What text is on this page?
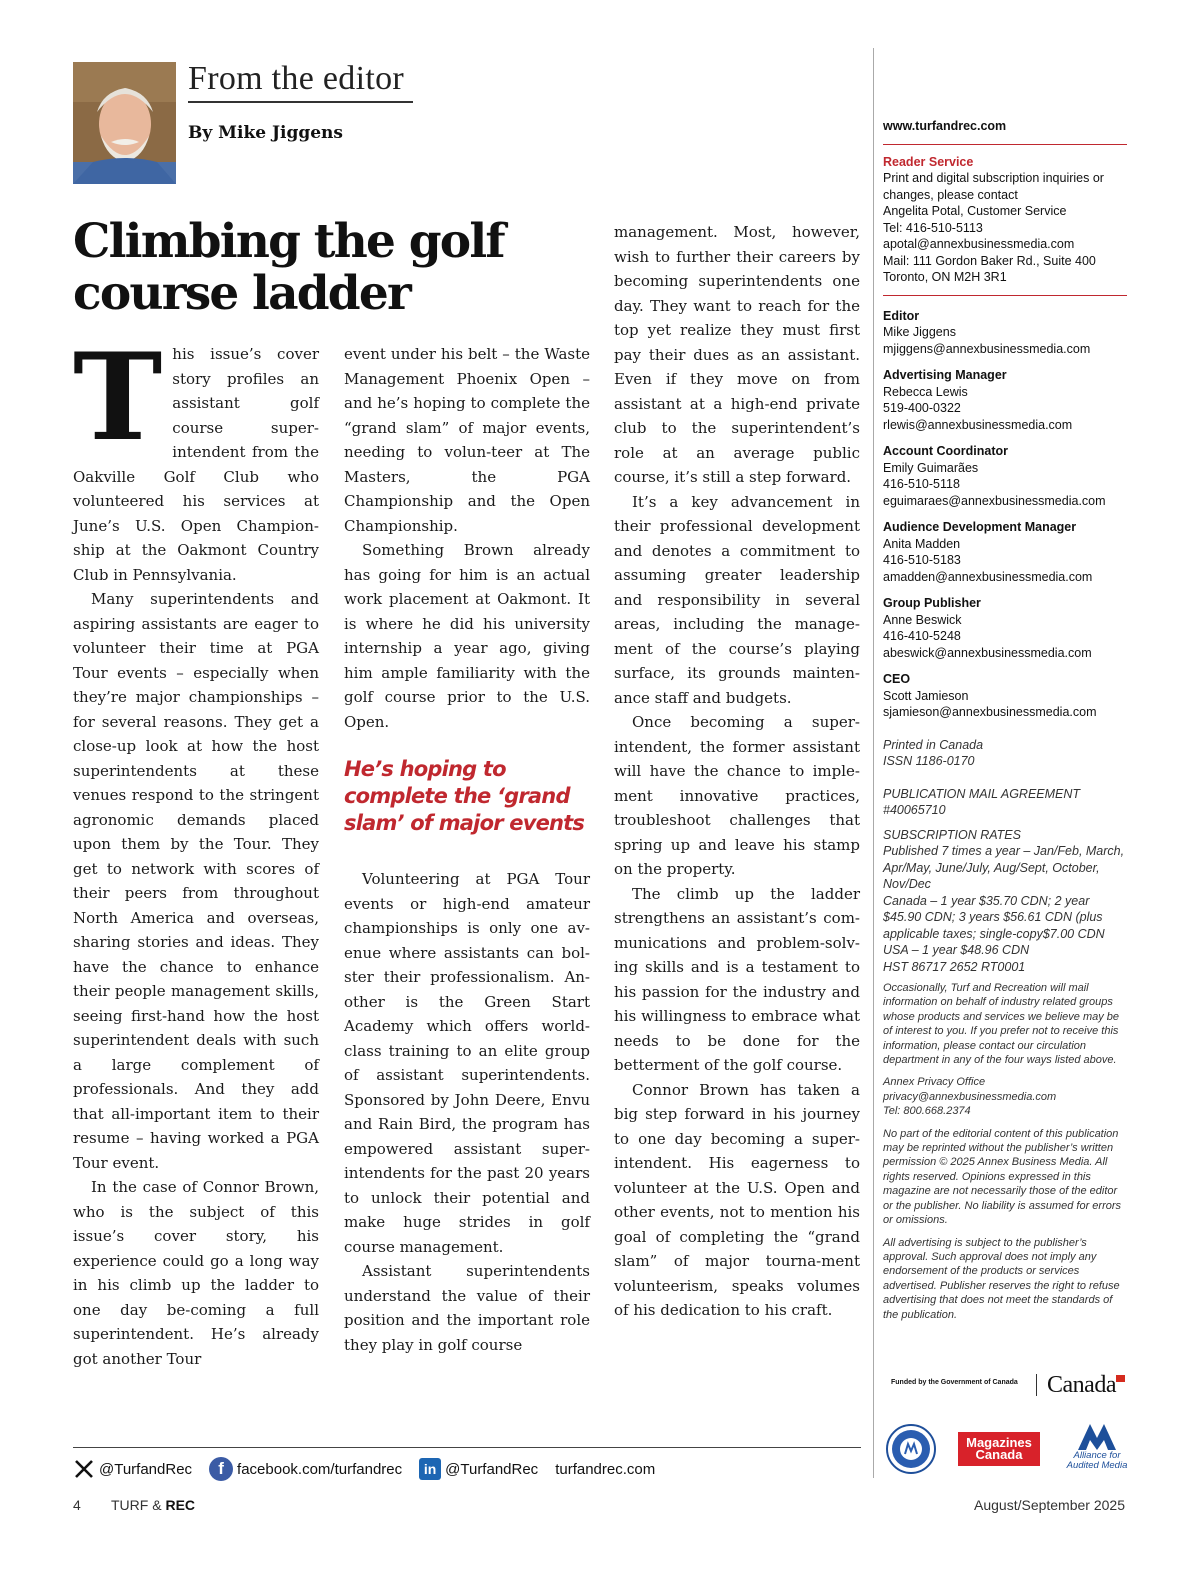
From the editor
By Mike Jiggens
Climbing the golf
course ladder

This issue’s cover story profiles an assistant golf course super-intendent from the Oakville Golf Club who volunteered his services at June’s U.S. Open Champion-ship at the Oakmont Country Club in Pennsylvania.

Many superintendents and aspiring assistants are eager to volunteer their time at PGA Tour events – especially when they’re major championships – for several reasons. They get a close-up look at how the host superintendents at these venues respond to the stringent agronomic demands placed upon them by the Tour. They get to network with scores of their peers from throughout North America and overseas, sharing stories and ideas. They have the chance to enhance their people management skills, seeing first-hand how the host superintendent deals with such a large complement of professionals. And they add that all-important item to their resume – having worked a PGA Tour event.

In the case of Connor Brown, who is the subject of this issue’s cover story, his experience could go a long way in his climb up the ladder to one day be-coming a full superintendent. He’s already got another Tour

event under his belt – the Waste Management Phoenix Open – and he’s hoping to complete the “grand slam” of major events, needing to volun-teer at The Masters, the PGA Championship and the Open Championship.

Something Brown already has going for him is an actual work placement at Oakmont. It is where he did his university internship a year ago, giving him ample familiarity with the golf course prior to the U.S. Open.

He’s hoping to complete the ‘grand slam’ of major events

Volunteering at PGA Tour events or high-end amateur championships is only one av-enue where assistants can bol-ster their professionalism. An-other is the Green Start Academy which offers world-class training to an elite group of assistant superintendents. Sponsored by John Deere, Envu and Rain Bird, the program has empowered assistant super-intendents for the past 20 years to unlock their potential and make huge strides in golf course management.

Assistant superintendents understand the value of their position and the important role they play in golf course

management. Most, however, wish to further their careers by becoming superintendents one day. They want to reach for the top yet realize they must first pay their dues as an assistant. Even if they move on from assistant at a high-end private club to the superintendent’s role at an average public course, it’s still a step forward.

It’s a key advancement in their professional development and denotes a commitment to assuming greater leadership and responsibility in several areas, including the manage-ment of the course’s playing surface, its grounds mainten-ance staff and budgets.

Once becoming a super-intendent, the former assistant will have the chance to imple-ment innovative practices, troubleshoot challenges that spring up and leave his stamp on the property.

The climb up the ladder strengthens an assistant’s com-munications and problem-solv-ing skills and is a testament to his passion for the industry and his willingness to embrace what needs to be done for the betterment of the golf course.

Connor Brown has taken a big step forward in his journey to one day becoming a super-intendent. His eagerness to volunteer at the U.S. Open and other events, not to mention his goal of completing the “grand slam” of major tourna-ment volunteerism, speaks volumes of his dedication to his craft.

www.turfandrec.com
Reader Service
Print and digital subscription inquiries or changes, please contact
Angelita Potal, Customer Service
Tel: 416-510-5113
apotal@annexbusinessmedia.com
Mail: 111 Gordon Baker Rd., Suite 400
Toronto, ON M2H 3R1
Editor
Mike Jiggens
mjiggens@annexbusinessmedia.com
Advertising Manager
Rebecca Lewis
519-400-0322
rlewis@annexbusinessmedia.com
Account Coordinator
Emily Guimarães
416-510-5118
eguimaraes@annexbusinessmedia.com
Audience Development Manager
Anita Madden
416-510-5183
amadden@annexbusinessmedia.com
Group Publisher
Anne Beswick
416-410-5248
abeswick@annexbusinessmedia.com
CEO
Scott Jamieson
sjamieson@annexbusinessmedia.com
Printed in Canada
ISSN 1186-0170
PUBLICATION MAIL AGREEMENT #40065710
SUBSCRIPTION RATES
Published 7 times a year – Jan/Feb, March, Apr/May, June/July, Aug/Sept, October, Nov/Dec
Canada – 1 year $35.70 CDN; 2 year $45.90 CDN; 3 years $56.61 CDN (plus applicable taxes; single-copy$7.00 CDN
USA – 1 year $48.96 CDN
HST 86717 2652 RT0001
Occasionally, Turf and Recreation will mail information on behalf of industry related groups whose products and services we believe may be of interest to you. If you prefer not to receive this information, please contact our circulation department in any of the four ways listed above.
Annex Privacy Office
privacy@annexbusinessmedia.com
Tel: 800.668.2374
No part of the editorial content of this publication may be reprinted without the publisher’s written permission © 2025 Annex Business Media. All rights reserved. Opinions expressed in this magazine are not necessarily those of the editor or the publisher. No liability is assumed for errors or omissions.
All advertising is subject to the publisher’s approval. Such approval does not imply any endorsement of the products or services advertised. Publisher reserves the right to refuse advertising that does not meet the standards of the publication.
Funded by the Government of Canada Canada
Magazines Canada	Alliance for Audited Media
@TurfandRec	f facebook.com/turfandrec	in @TurfandRec turfandrec.com
4 TURF & REC	August/September 2025
